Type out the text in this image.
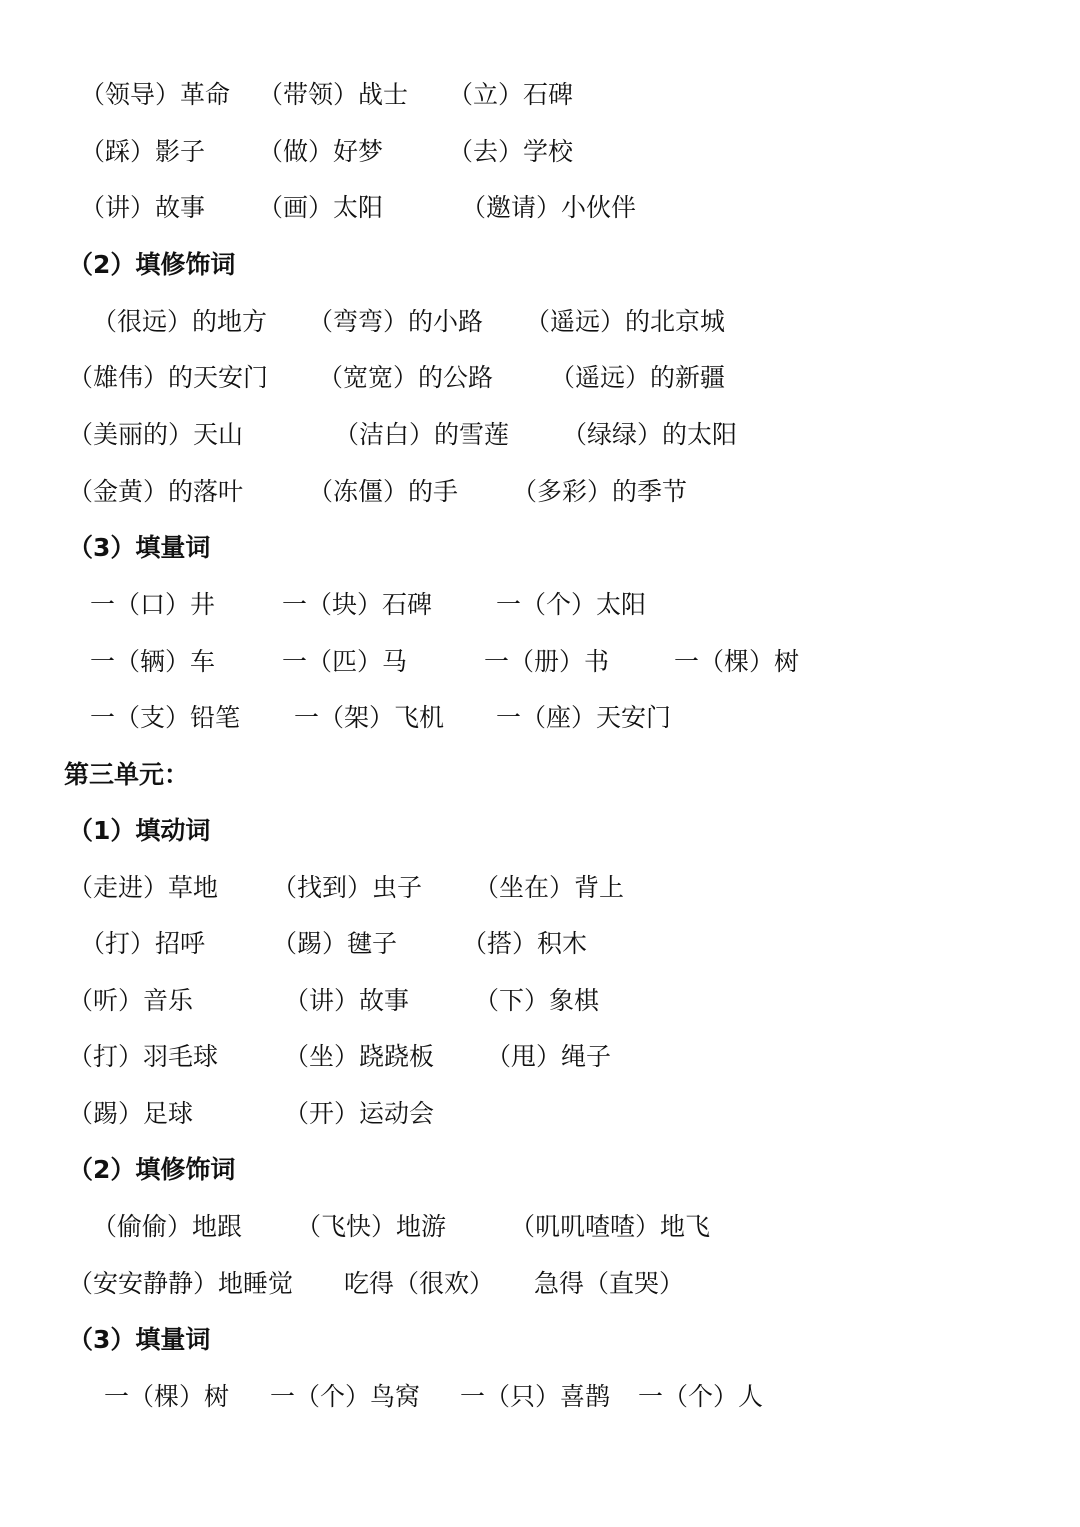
（领导）革命 （带领）战士 （立）石碑
（踩）影子 （做）好梦	（去）学校
（讲）故事 （画）太阳	（邀请）小伙伴
（2）填修饰词
（很远）的地方 （弯弯）的小路 （遥远）的北京城
（雄伟）的天安门 （宽宽）的公路 （遥远）的新疆
（美丽的）天山	（洁白）的雪莲 （绿绿）的太阳
（金黄）的落叶	（冻僵）的手 （多彩）的季节
（3）填量词
一（口）井	一（块）石碑	一（个）太阳
一（辆）车	一（匹）马	一（册）书	一（棵）树
一（支）铅笔 一（架）飞机 一（座）天安门
第三单元：
（1）填动词
（走进）草地 （找到）虫子 （坐在）背上
（打）招呼	（踢）毽子	（搭）积木
（听）音乐	（讲）故事	（下）象棋
（打）羽毛球	（坐）跷跷板 （甩）绳子
（踢）足球	（开）运动会
（2）填修饰词
（偷偷）地跟 （飞快）地游	（叽叽喳喳）地飞
（安安静静）地睡觉 吃得（很欢） 急得（直哭）
（3）填量词
一（棵）树 一（个）鸟窝 一（只）喜鹊 一（个）人
